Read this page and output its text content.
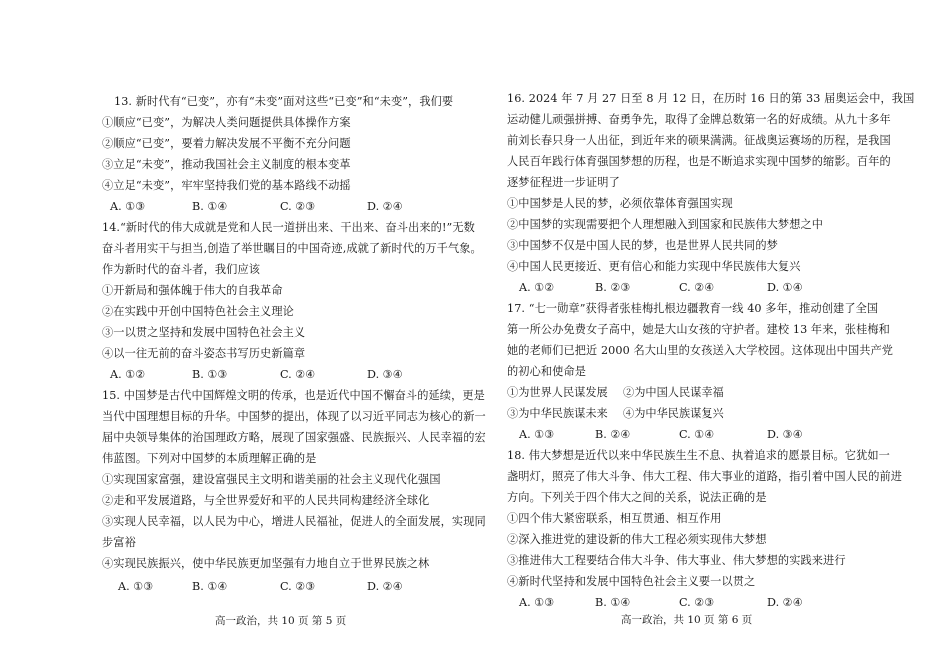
13. 新时代有“已变”，亦有“未变”面对这些“已变”和“未变”，我们要
①顺应“已变”，为解决人类问题提供具体操作方案
②顺应“已变”，要着力解决发展不平衡不充分问题
③立足“未变”，推动我国社会主义制度的根本变革
④立足“未变”，牢牢坚持我们党的基本路线不动摇
A. ①③	B. ①④	C. ②③	D. ②④
14.“新时代的伟大成就是党和人民一道拼出来、干出来、奋斗出来的!”无数
奋斗者用实干与担当,创造了举世瞩目的中国奇迹,成就了新时代的万千气象。
作为新时代的奋斗者，我们应该
①开新局和强体魄于伟大的自我革命
②在实践中开创中国特色社会主义理论
③一以贯之坚持和发展中国特色社会主义
④以一往无前的奋斗姿态书写历史新篇章
A. ①②	B. ①③	C. ②④	D. ③④
15. 中国梦是古代中国辉煌文明的传承，也是近代中国不懈奋斗的延续，更是
当代中国理想目标的升华。中国梦的提出，体现了以习近平同志为核心的新一
届中央领导集体的治国理政方略，展现了国家强盛、民族振兴、人民幸福的宏
伟蓝图。下列对中国梦的本质理解正确的是
①实现国家富强，建设富强民主文明和谐美丽的社会主义现代化强国
②走和平发展道路，与全世界爱好和平的人民共同构建经济全球化
③实现人民幸福，以人民为中心，增进人民福祉，促进人的全面发展，实现同
步富裕
④实现民族振兴，使中华民族更加坚强有力地自立于世界民族之林
A. ①③	B. ①④	C. ②③	D. ②④
高一政治，共 10 页 第 5 页
16. 2024 年 7 月 27 日至 8 月 12 日，在历时 16 日的第 33 届奥运会中，我国
运动健儿顽强拼搏、奋勇争先，取得了金牌总数第一名的好成绩。从九十多年
前刘长春只身一人出征，到近年来的硕果满满。征战奥运赛场的历程，是我国
人民百年践行体育强国梦想的历程，也是不断追求实现中国梦的缩影。百年的
逐梦征程进一步证明了
①中国梦是人民的梦，必须依靠体育强国实现
②中国梦的实现需要把个人理想融入到国家和民族伟大梦想之中
③中国梦不仅是中国人民的梦，也是世界人民共同的梦
④中国人民更接近、更有信心和能力实现中华民族伟大复兴
A. ①②	B. ②③	C. ②④	D. ①④
17. “七一勋章”获得者张桂梅扎根边疆教育一线 40 多年，推动创建了全国
第一所公办免费女子高中，她是大山女孩的守护者。建校 13 年来，张桂梅和
她的老师们已把近 2000 名大山里的女孩送入大学校园。这体现出中国共产党
的初心和使命是
①为世界人民谋发展 ②为中国人民谋幸福
③为中华民族谋未来 ④为中华民族谋复兴
A. ①③	B. ②④	C. ①④	D. ③④
18. 伟大梦想是近代以来中华民族生生不息、执着追求的愿景目标。它犹如一
盏明灯，照亮了伟大斗争、伟大工程、伟大事业的道路，指引着中国人民的前进
方向。下列关于四个伟大之间的关系，说法正确的是
①四个伟大紧密联系，相互贯通、相互作用
②深入推进党的建设新的伟大工程必须实现伟大梦想
③推进伟大工程要结合伟大斗争、伟大事业、伟大梦想的实践来进行
④新时代坚持和发展中国特色社会主义要一以贯之
A. ①③	B. ①④	C. ②③	D. ②④
高一政治，共 10 页 第 6 页
